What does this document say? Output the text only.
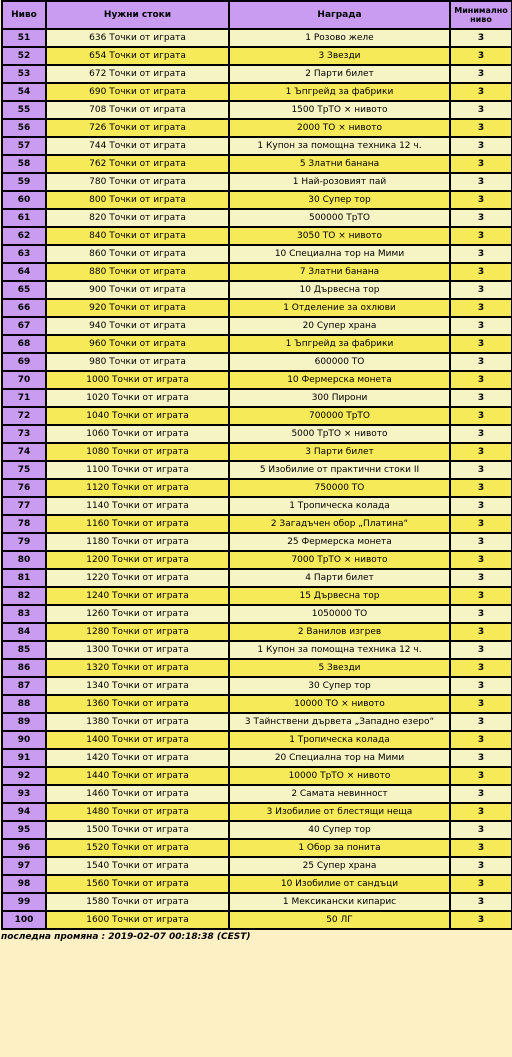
Ниво	Нужни стоки	Награда	Минимално ниво
51	636 Точки от играта	1 Розово желе	3
52	654 Точки от играта	3 Звезди	3
53	672 Точки от играта	2 Парти билет	3
54	690 Точки от играта	1 Ъпгрейд за фабрики	3
55	708 Точки от играта	1500 ТрТО × нивото	3
56	726 Точки от играта	2000 ТО × нивото	3
57	744 Точки от играта	1 Купон за помощна техника 12 ч.	3
58	762 Точки от играта	5 Златни банана	3
59	780 Точки от играта	1 Най-розовият пай	3
60	800 Точки от играта	30 Супер тор	3
61	820 Точки от играта	500000 ТрТО	3
62	840 Точки от играта	3050 ТО × нивото	3
63	860 Точки от играта	10 Специална тор на Мими	3
64	880 Точки от играта	7 Златни банана	3
65	900 Точки от играта	10 Дървесна тор	3
66	920 Точки от играта	1 Отделение за охлюви	3
67	940 Точки от играта	20 Супер храна	3
68	960 Точки от играта	1 Ъпгрейд за фабрики	3
69	980 Точки от играта	600000 ТО	3
70	1000 Точки от играта	10 Фермерска монета	3
71	1020 Точки от играта	300 Пирони	3
72	1040 Точки от играта	700000 ТрТО	3
73	1060 Точки от играта	5000 ТрТО × нивото	3
74	1080 Точки от играта	3 Парти билет	3
75	1100 Точки от играта	5 Изобилие от практични стоки II	3
76	1120 Точки от играта	750000 ТО	3
77	1140 Точки от играта	1 Тропическа колада	3
78	1160 Точки от играта	2 Загадъчен обор „Платина“	3
79	1180 Точки от играта	25 Фермерска монета	3
80	1200 Точки от играта	7000 ТрТО × нивото	3
81	1220 Точки от играта	4 Парти билет	3
82	1240 Точки от играта	15 Дървесна тор	3
83	1260 Точки от играта	1050000 ТО	3
84	1280 Точки от играта	2 Ванилов изгрев	3
85	1300 Точки от играта	1 Купон за помощна техника 12 ч.	3
86	1320 Точки от играта	5 Звезди	3
87	1340 Точки от играта	30 Супер тор	3
88	1360 Точки от играта	10000 ТО × нивото	3
89	1380 Точки от играта	3 Тайнствени дървета „Западно езеро“	3
90	1400 Точки от играта	1 Тропическа колада	3
91	1420 Точки от играта	20 Специална тор на Мими	3
92	1440 Точки от играта	10000 ТрТО × нивото	3
93	1460 Точки от играта	2 Самата невинност	3
94	1480 Точки от играта	3 Изобилие от блестящи неща	3
95	1500 Точки от играта	40 Супер тор	3
96	1520 Точки от играта	1 Обор за понита	3
97	1540 Точки от играта	25 Супер храна	3
98	1560 Точки от играта	10 Изобилие от сандъци	3
99	1580 Точки от играта	1 Мексикански кипарис	3
100	1600 Точки от играта	50 ЛГ	3
последна промяна : 2019-02-07 00:18:38 (CEST)
